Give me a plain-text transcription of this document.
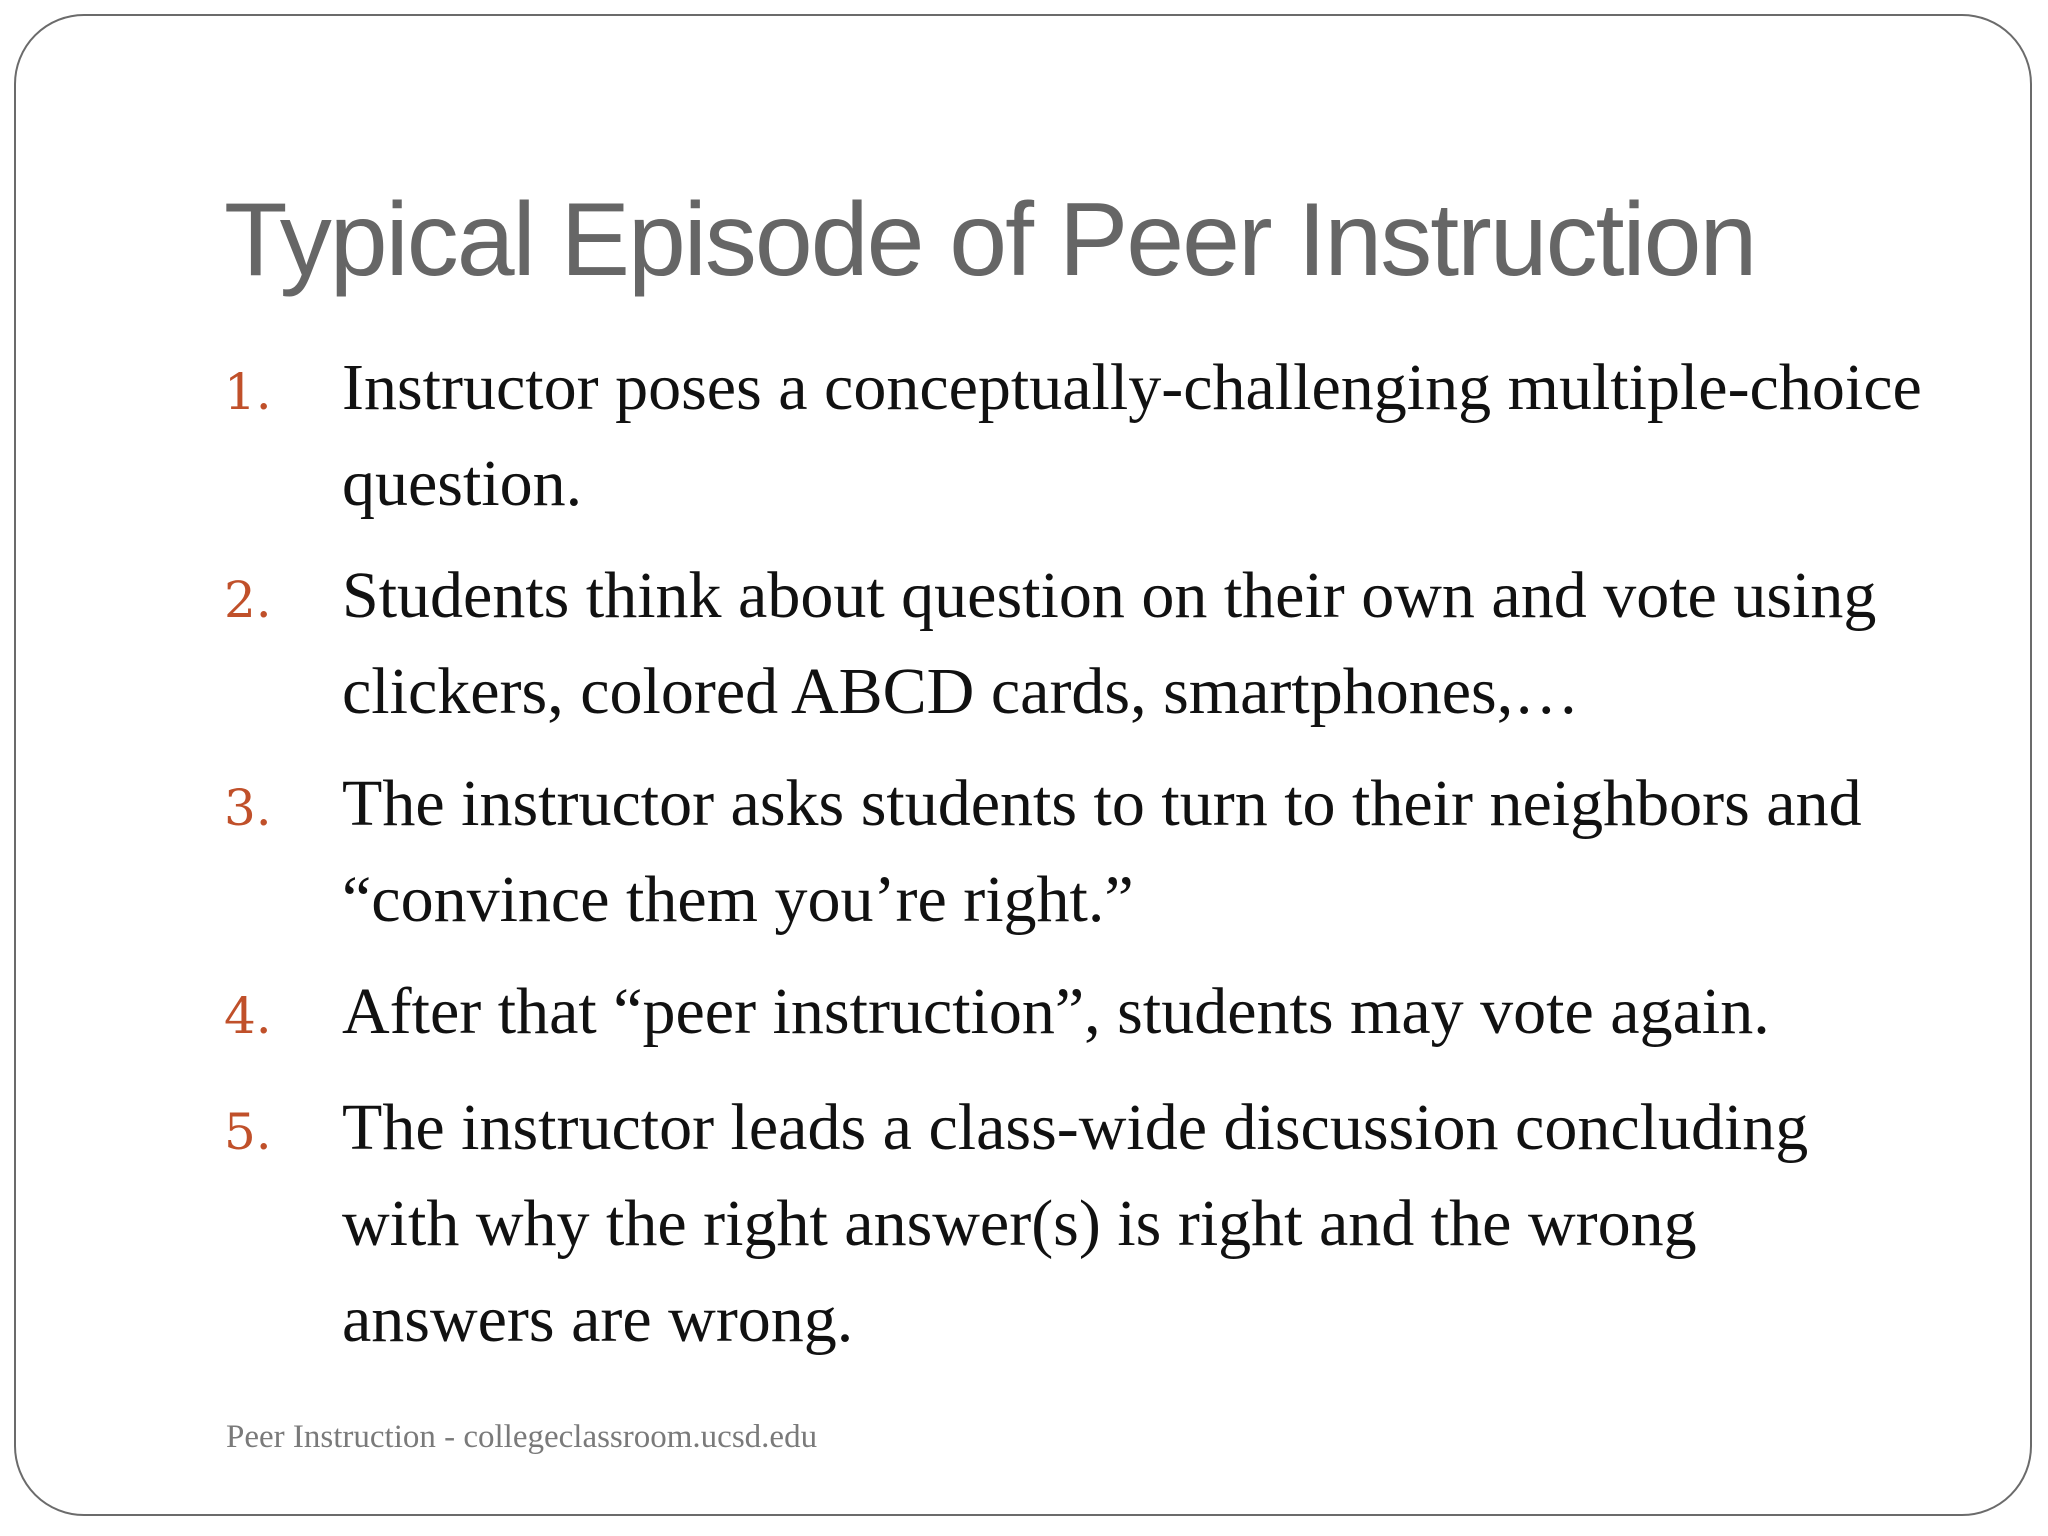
Typical Episode of Peer Instruction
1.	Instructor poses a conceptually-challenging multiple-choice question.
2.	Students think about question on their own and vote using clickers, colored ABCD cards, smartphones,…
3.	The instructor asks students to turn to their neighbors and “convince them you’re right.”
4.	After that “peer instruction”, students may vote again.
5.	The instructor leads a class-wide discussion concluding with why the right answer(s) is right and the wrong answers are wrong.
Peer Instruction - collegeclassroom.ucsd.edu
